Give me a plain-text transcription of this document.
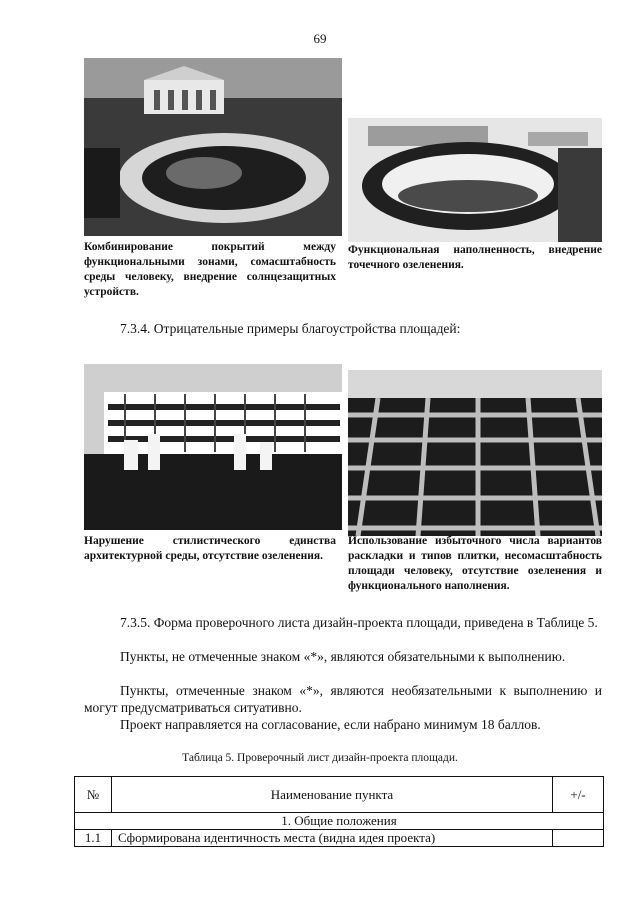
69
Комбинирование покрытий между функциональными зонами, сомасштабность среды человеку, внедрение солнцезащитных устройств.
Функциональная наполненность, внедрение точечного озеленения.
7.3.4. Отрицательные примеры благоустройства площадей:
Нарушение стилистического единства архитектурной среды, отсутствие озеленения.
Использование избыточного числа вариантов раскладки и типов плитки, несомасштабность площади человеку, отсутствие озеленения и функционального наполнения.
7.3.5. Форма проверочного листа дизайн-проекта площади, приведена в Таблице 5.
Пункты, не отмеченные знаком «*», являются обязательными к выполнению.
Пункты, отмеченные знаком «*», являются необязательными к выполнению и могут предусматриваться ситуативно.
Проект направляется на согласование, если набрано минимум 18 баллов.
Таблица 5. Проверочный лист дизайн-проекта площади.
№	Наименование пункта	+/-
1. Общие положения		
1.1	Сформирована идентичность места (видна идея проекта)	
